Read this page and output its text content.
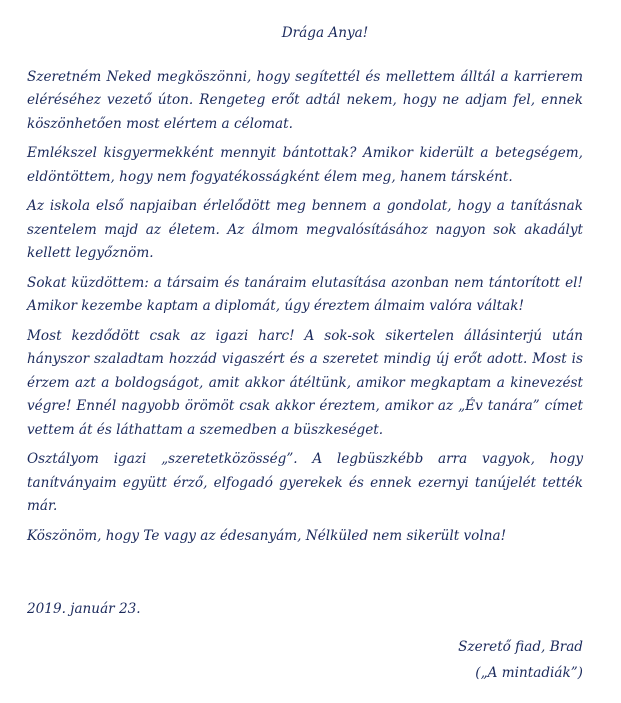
Drága Anya!

Szeretném Neked megköszönni, hogy segítettél és mellettem álltál a karrierem eléréséhez vezető úton. Rengeteg erőt adtál nekem, hogy ne adjam fel, ennek köszönhetően most elértem a célomat.

Emlékszel kisgyermekként mennyit bántottak? Amikor kiderült a betegségem, eldöntöttem, hogy nem fogyatékosságként élem meg, hanem társként.

Az iskola első napjaiban érlelődött meg bennem a gondolat, hogy a tanításnak szentelem majd az életem. Az álmom megvalósításához nagyon sok akadályt kellett legyőznöm.

Sokat küzdöttem: a társaim és tanáraim elutasítása azonban nem tántorított el! Amikor kezembe kaptam a diplomát, úgy éreztem álmaim valóra váltak!

Most kezdődött csak az igazi harc! A sok-sok sikertelen állásinterjú után hányszor szaladtam hozzád vigaszért és a szeretet mindig új erőt adott. Most is érzem azt a boldogságot, amit akkor átéltünk, amikor megkaptam a kinevezést végre! Ennél nagyobb örömöt csak akkor éreztem, amikor az „Év tanára” címet vettem át és láthattam a szemedben a büszkeséget.

Osztályom igazi „szeretetközösség”. A legbüszkébb arra vagyok, hogy tanítványaim együtt érző, elfogadó gyerekek és ennek ezernyi tanújelét tették már.

Köszönöm, hogy Te vagy az édesanyám, Nélküled nem sikerült volna!

2019. január 23.

Szerető fiad, Brad

(„A mintadiák”)
